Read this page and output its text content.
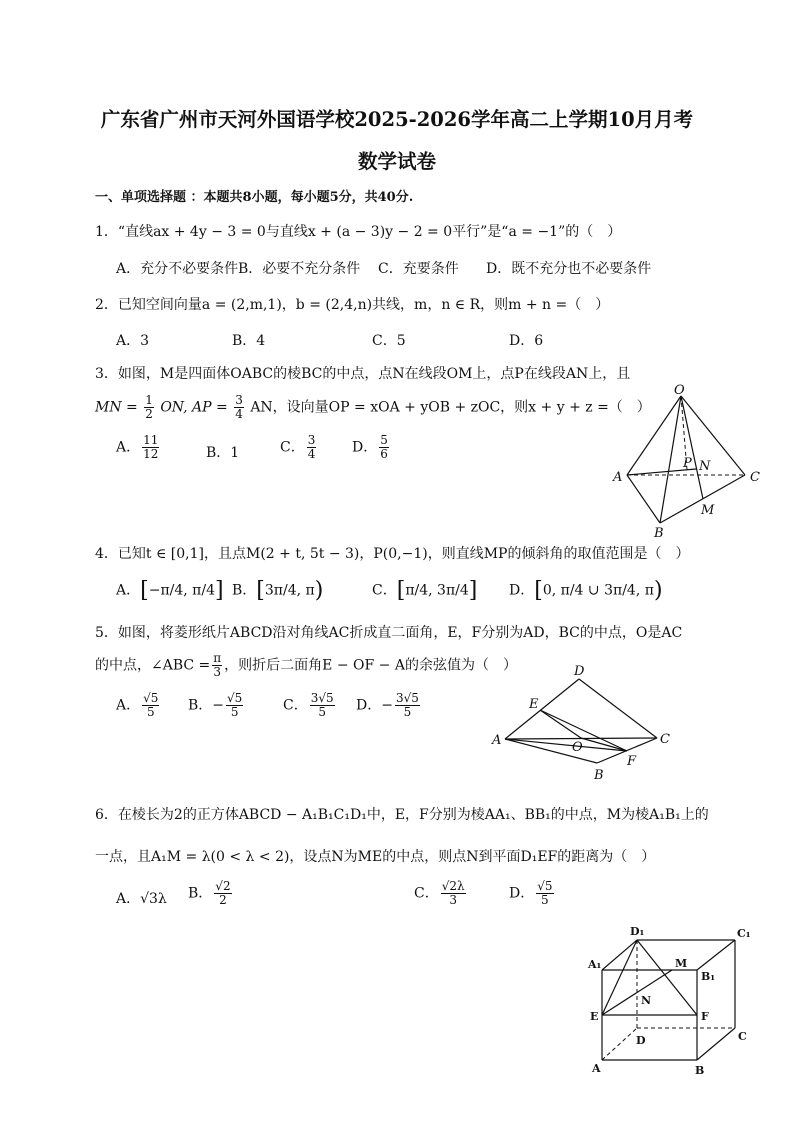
广东省广州市天河外国语学校2025-2026学年高二上学期10月月考
数学试卷
一、单项选择题 ：本题共8小题，每小题5分，共40分.
1．“直线ax + 4y − 3 = 0与直线x + (a − 3)y − 2 = 0平行”是“a = −1”的（　）
A．充分不必要条件 B．必要不充分条件 C．充要条件 D．既不充分也不必要条件
2．已知空间向量a = (2,m,1)，b = (2,4,n)共线，m，n ∈ R，则m + n =（　）
A．3	B．4	C．5	D．6
3．如图，M是四面体OABC的棱BC的中点，点N在线段OM上，点P在线段AN上，且
MN = $\frac{1}{2}$ ON, AP = $\frac{3}{4}$ AN，设向量OP = xOA + yOB + zOC，则x + y + z =（　）
A． $\frac{11}{12}$	B．1	C． $\frac{3}{4}$	D． $\frac{5}{6}$
O
A
B
C
P N
M
4．已知t ∈ [0,1]，且点M(2 + t, 5t − 3)，P(0,−1)，则直线MP的倾斜角的取值范围是（　）
A．[−π/4, π/4] B．[3π/4, π)	C．[π/4, 3π/4] D．[0, π/4 ∪ 3π/4, π)
5．如图，将菱形纸片ABCD沿对角线AC折成直二面角，E，F分别为AD，BC的中点，O是AC
的中点，∠ABC = $\frac{\pi}{3}$ ，则折后二面角E − OF − A的余弦值为（　）
A． $\frac{√5}{5}$ B．− $\frac{√5}{5}$	C． $\frac{3√5}{5}$ D．− $\frac{3√5}{5}$
D
E
A	O
C
F
B
6．在棱长为2的正方体ABCD − A₁B₁C₁D₁中，E，F分别为棱AA₁、BB₁的中点，M为棱A₁B₁上的
一点，且A₁M = λ(0 < λ < 2)，设点N为ME的中点，则点N到平面D₁EF的距离为（　）
A．√3λ B． $\frac{√2}{2}$	C． $\frac{√2\lambda}{3}$	D． $\frac{√5}{5}$
D₁	C₁
A₁	M
B₁
N
E	F
D	C
A	B
